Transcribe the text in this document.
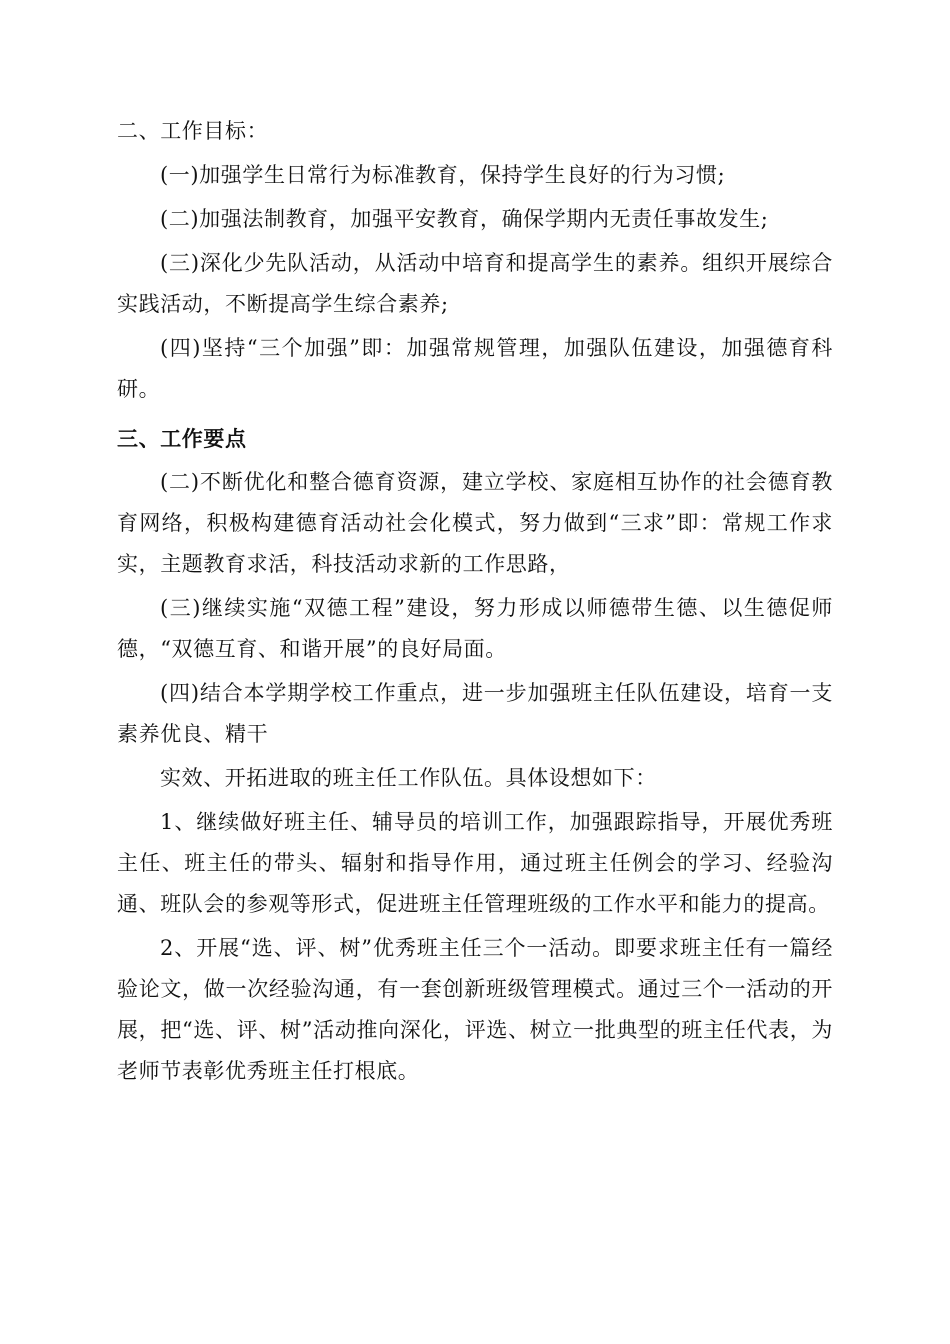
二、工作目标：

(一)加强学生日常行为标准教育，保持学生良好的行为习惯;

(二)加强法制教育，加强平安教育，确保学期内无责任事故发生;

(三)深化少先队活动，从活动中培育和提高学生的素养。组织开展综合实践活动，不断提高学生综合素养;

(四)坚持“三个加强”即：加强常规管理，加强队伍建设，加强德育科研。

三、工作要点

(二)不断优化和整合德育资源，建立学校、家庭相互协作的社会德育教育网络，积极构建德育活动社会化模式，努力做到“三求”即：常规工作求实，主题教育求活，科技活动求新的工作思路，

(三)继续实施“双德工程”建设，努力形成以师德带生德、以生德促师德，“双德互育、和谐开展”的良好局面。

(四)结合本学期学校工作重点，进一步加强班主任队伍建设，培育一支素养优良、精干

实效、开拓进取的班主任工作队伍。具体设想如下：

1、继续做好班主任、辅导员的培训工作，加强跟踪指导，开展优秀班主任、班主任的带头、辐射和指导作用，通过班主任例会的学习、经验沟通、班队会的参观等形式，促进班主任管理班级的工作水平和能力的提高。

2、开展“选、评、树”优秀班主任三个一活动。即要求班主任有一篇经验论文，做一次经验沟通，有一套创新班级管理模式。通过三个一活动的开展，把“选、评、树”活动推向深化，评选、树立一批典型的班主任代表，为老师节表彰优秀班主任打根底。
